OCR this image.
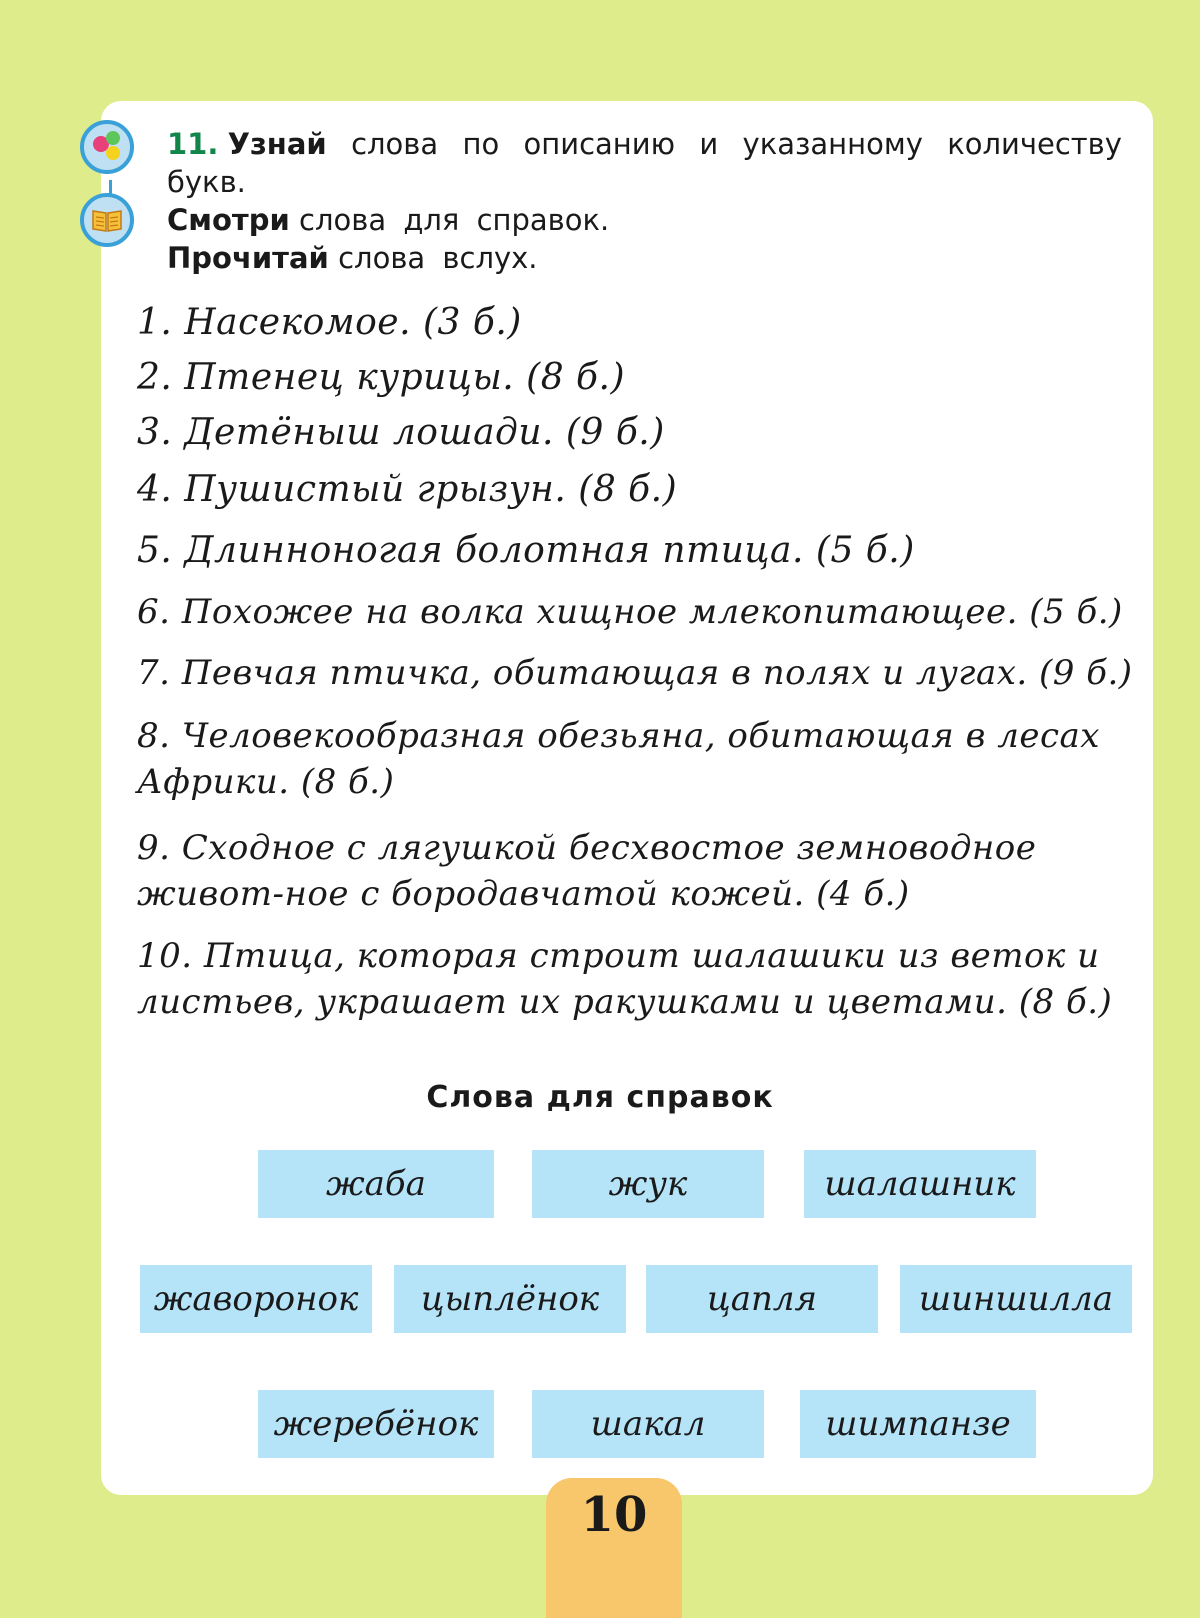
11. Узнай слова по описанию и указанному количеству
букв.
Смотри слова для справок.
Прочитай слова вслух.
1. Насекомое. (3 б.)
2. Птенец курицы. (8 б.)
3. Детёныш лошади. (9 б.)
4. Пушистый грызун. (8 б.)
5. Длинноногая болотная птица. (5 б.)
6. Похожее на волка хищное млекопитающее. (5 б.)
7. Певчая птичка, обитающая в полях и лугах. (9 б.)
8. Человекообразная обезьяна, обитающая в лесах Африки. (8 б.)
9. Сходное с лягушкой бесхвостое земноводное живот-ное с бородавчатой кожей. (4 б.)
10. Птица, которая строит шалашики из веток и листьев, украшает их ракушками и цветами. (8 б.)
Слова для справок
жаба	жук	шалашник
жаворонок	цыплёнок	цапля	шиншилла
жеребёнок	шакал	шимпанзе
10
